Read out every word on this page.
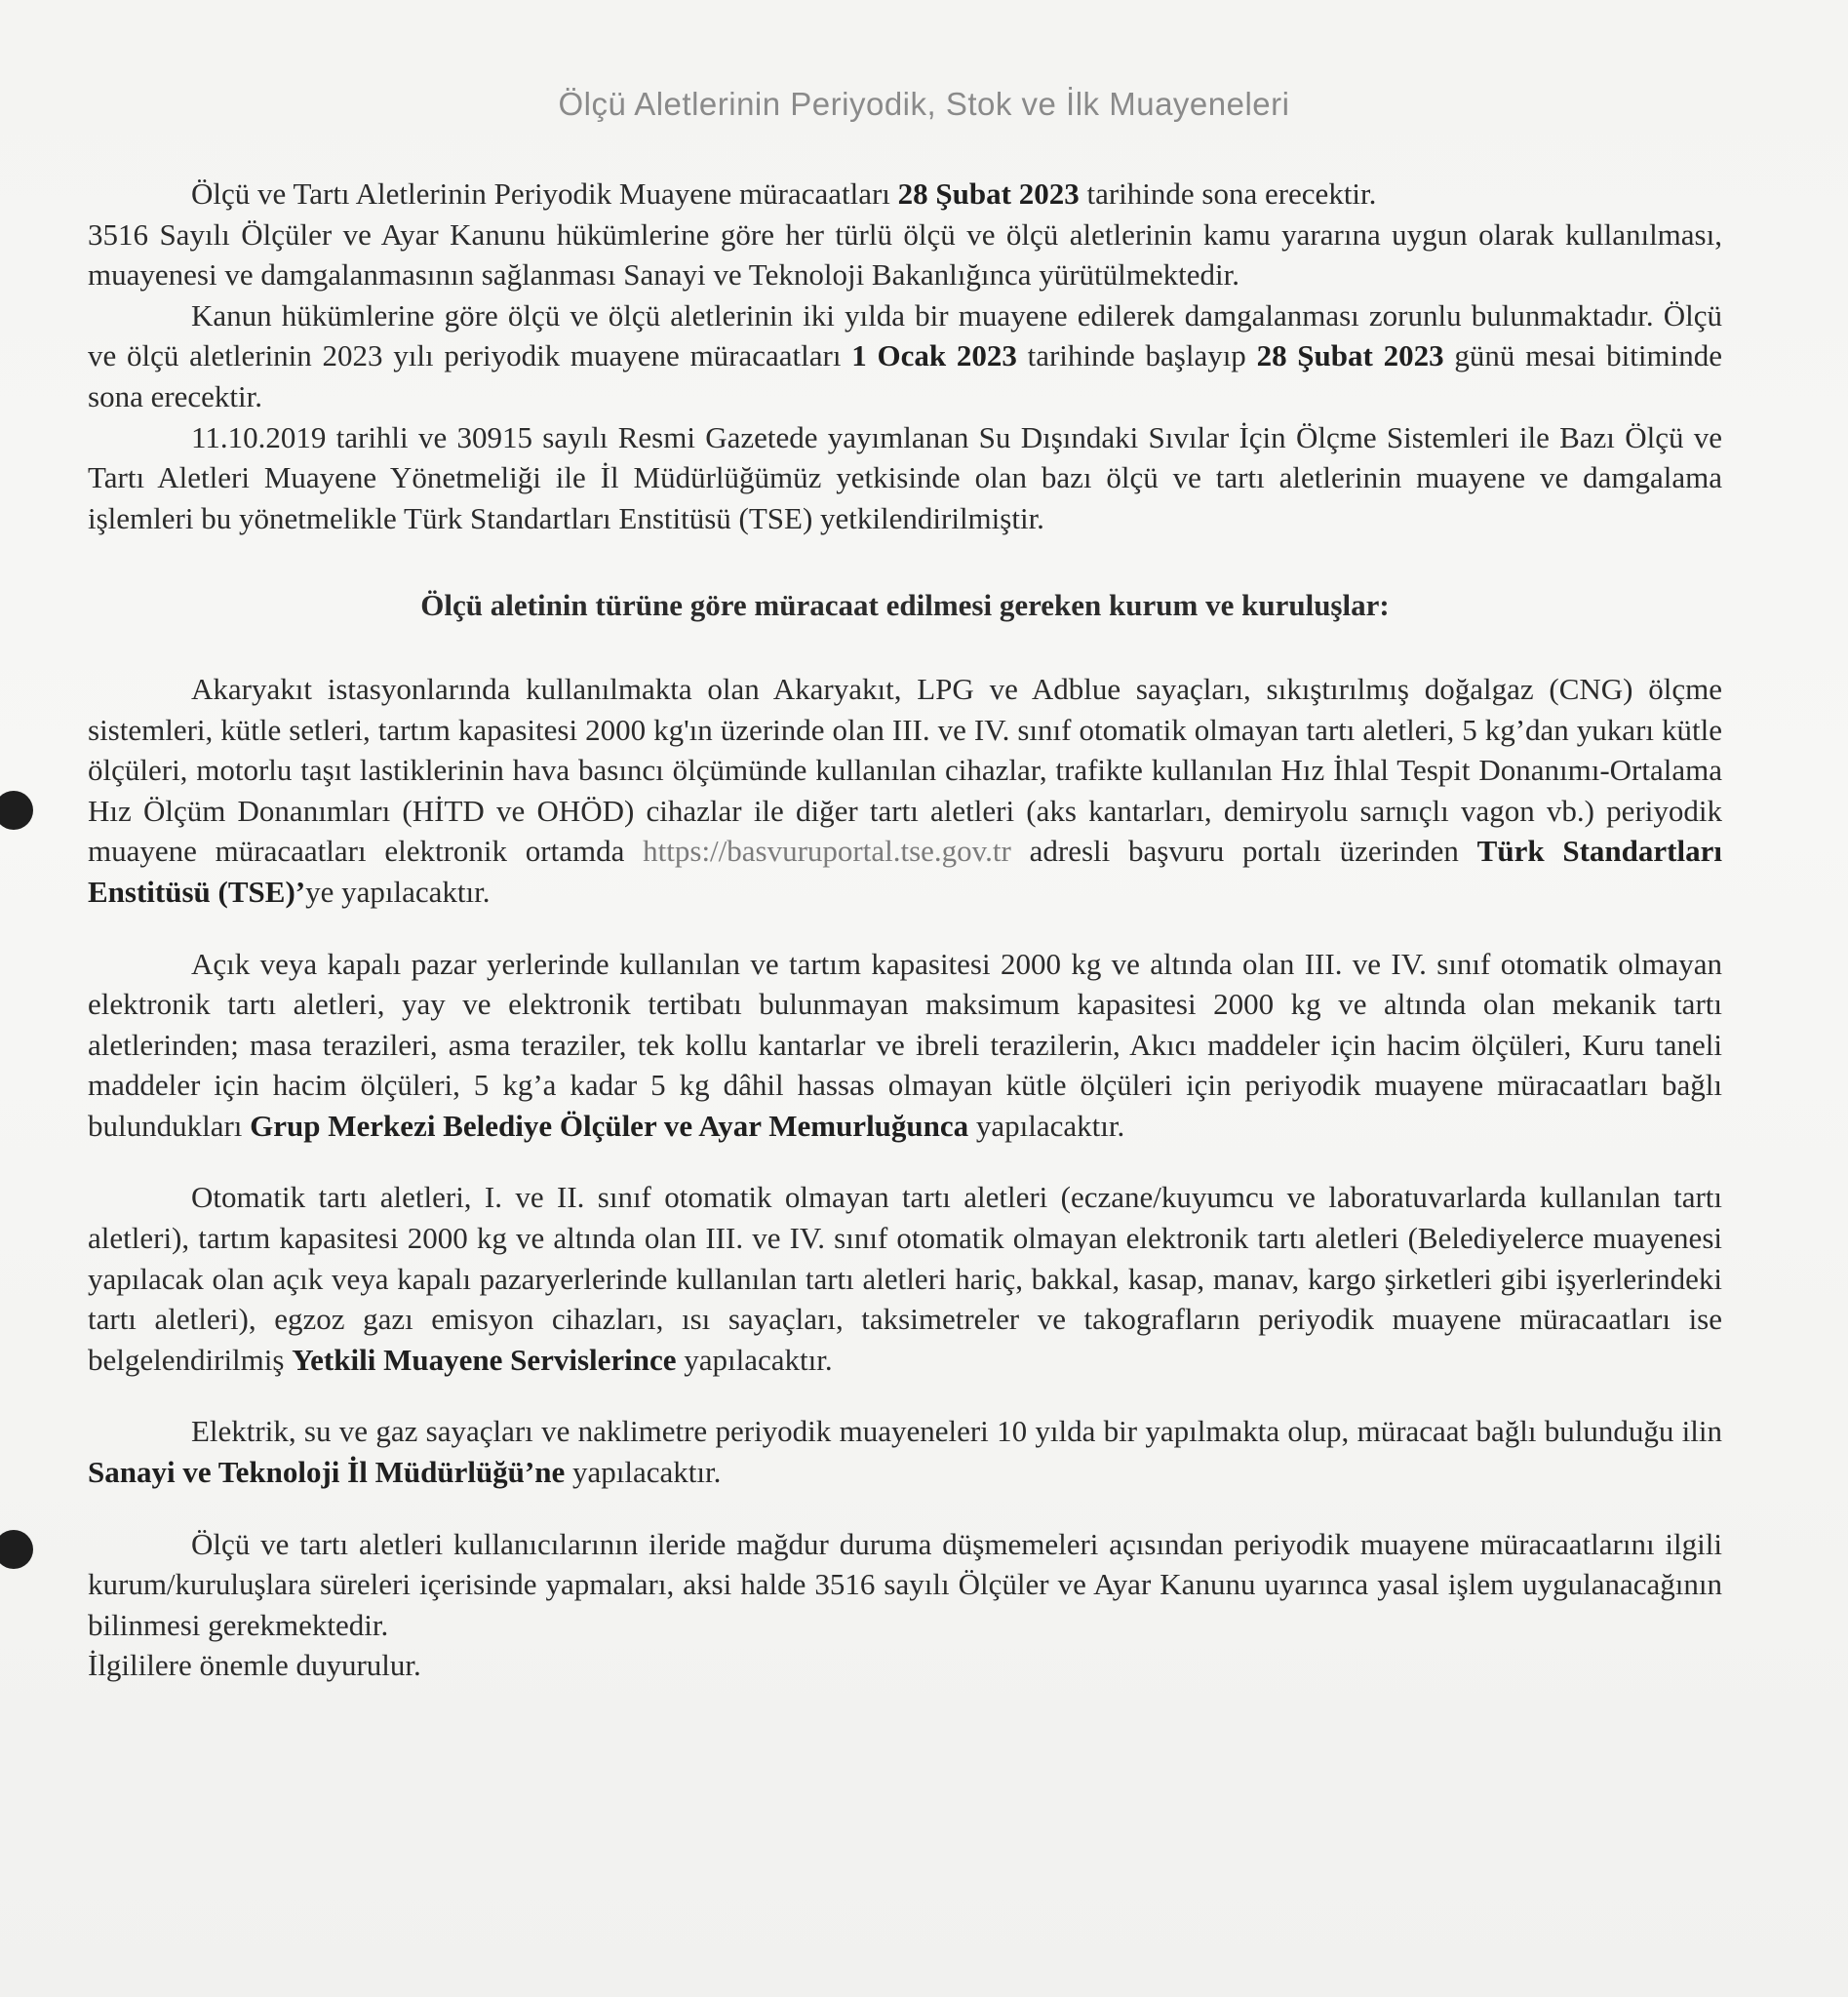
Ölçü Aletlerinin Periyodik, Stok ve İlk Muayeneleri

Ölçü ve Tartı Aletlerinin Periyodik Muayene müracaatları 28 Şubat 2023 tarihinde sona erecektir.

3516 Sayılı Ölçüler ve Ayar Kanunu hükümlerine göre her türlü ölçü ve ölçü aletlerinin kamu yararına uygun olarak kullanılması, muayenesi ve damgalanmasının sağlanması Sanayi ve Teknoloji Bakanlığınca yürütülmektedir.

Kanun hükümlerine göre ölçü ve ölçü aletlerinin iki yılda bir muayene edilerek damgalanması zorunlu bulunmaktadır. Ölçü ve ölçü aletlerinin 2023 yılı periyodik muayene müracaatları 1 Ocak 2023 tarihinde başlayıp 28 Şubat 2023 günü mesai bitiminde sona erecektir.

11.10.2019 tarihli ve 30915 sayılı Resmi Gazetede yayımlanan Su Dışındaki Sıvılar İçin Ölçme Sistemleri ile Bazı Ölçü ve Tartı Aletleri Muayene Yönetmeliği ile İl Müdürlüğümüz yetkisinde olan bazı ölçü ve tartı aletlerinin muayene ve damgalama işlemleri bu yönetmelikle Türk Standartları Enstitüsü (TSE) yetkilendirilmiştir.

Ölçü aletinin türüne göre müracaat edilmesi gereken kurum ve kuruluşlar:

Akaryakıt istasyonlarında kullanılmakta olan Akaryakıt, LPG ve Adblue sayaçları, sıkıştırılmış doğalgaz (CNG) ölçme sistemleri, kütle setleri, tartım kapasitesi 2000 kg'ın üzerinde olan III. ve IV. sınıf otomatik olmayan tartı aletleri, 5 kg’dan yukarı kütle ölçüleri, motorlu taşıt lastiklerinin hava basıncı ölçümünde kullanılan cihazlar, trafikte kullanılan Hız İhlal Tespit Donanımı-Ortalama Hız Ölçüm Donanımları (HİTD ve OHÖD) cihazlar ile diğer tartı aletleri (aks kantarları, demiryolu sarnıçlı vagon vb.) periyodik muayene müracaatları elektronik ortamda https://basvuruportal.tse.gov.tr adresli başvuru portalı üzerinden Türk Standartları Enstitüsü (TSE)’ye yapılacaktır.

Açık veya kapalı pazar yerlerinde kullanılan ve tartım kapasitesi 2000 kg ve altında olan III. ve IV. sınıf otomatik olmayan elektronik tartı aletleri, yay ve elektronik tertibatı bulunmayan maksimum kapasitesi 2000 kg ve altında olan mekanik tartı aletlerinden; masa terazileri, asma teraziler, tek kollu kantarlar ve ibreli terazilerin, Akıcı maddeler için hacim ölçüleri, Kuru taneli maddeler için hacim ölçüleri, 5 kg’a kadar 5 kg dâhil hassas olmayan kütle ölçüleri için periyodik muayene müracaatları bağlı bulundukları Grup Merkezi Belediye Ölçüler ve Ayar Memurluğunca yapılacaktır.

Otomatik tartı aletleri, I. ve II. sınıf otomatik olmayan tartı aletleri (eczane/kuyumcu ve laboratuvarlarda kullanılan tartı aletleri), tartım kapasitesi 2000 kg ve altında olan III. ve IV. sınıf otomatik olmayan elektronik tartı aletleri (Belediyelerce muayenesi yapılacak olan açık veya kapalı pazaryerlerinde kullanılan tartı aletleri hariç, bakkal, kasap, manav, kargo şirketleri gibi işyerlerindeki tartı aletleri), egzoz gazı emisyon cihazları, ısı sayaçları, taksimetreler ve takografların periyodik muayene müracaatları ise belgelendirilmiş Yetkili Muayene Servislerince yapılacaktır.

Elektrik, su ve gaz sayaçları ve naklimetre periyodik muayeneleri 10 yılda bir yapılmakta olup, müracaat bağlı bulunduğu ilin Sanayi ve Teknoloji İl Müdürlüğü’ne yapılacaktır.

Ölçü ve tartı aletleri kullanıcılarının ileride mağdur duruma düşmemeleri açısından periyodik muayene müracaatlarını ilgili kurum/kuruluşlara süreleri içerisinde yapmaları, aksi halde 3516 sayılı Ölçüler ve Ayar Kanunu uyarınca yasal işlem uygulanacağının bilinmesi gerekmektedir.

İlgililere önemle duyurulur.
